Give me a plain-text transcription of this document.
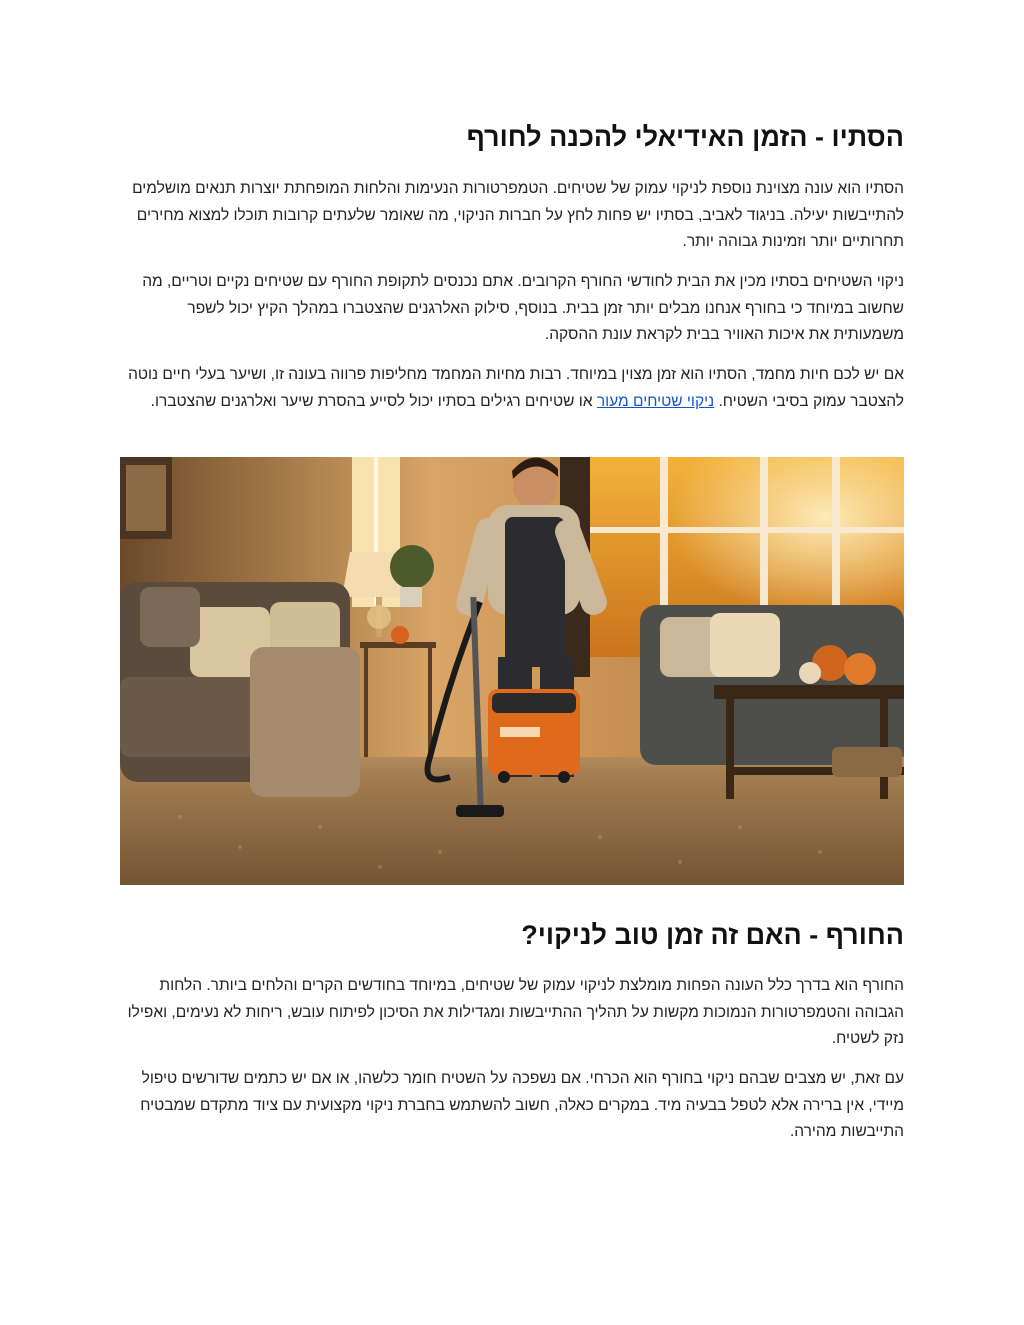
הסתיו - הזמן האידיאלי להכנה לחורף

הסתיו הוא עונה מצוינת נוספת לניקוי עמוק של שטיחים. הטמפרטורות הנעימות והלחות המופחתת יוצרות תנאים מושלמים להתייבשות יעילה. בניגוד לאביב, בסתיו יש פחות לחץ על חברות הניקוי, מה שאומר שלעתים קרובות תוכלו למצוא מחירים תחרותיים יותר וזמינות גבוהה יותר.

ניקוי השטיחים בסתיו מכין את הבית לחודשי החורף הקרובים. אתם נכנסים לתקופת החורף עם שטיחים נקיים וטריים, מה שחשוב במיוחד כי בחורף אנחנו מבלים יותר זמן בבית. בנוסף, סילוק האלרגנים שהצטברו במהלך הקיץ יכול לשפר משמעותית את איכות האוויר בבית לקראת עונת ההסקה.

אם יש לכם חיות מחמד, הסתיו הוא זמן מצוין במיוחד. רבות מחיות המחמד מחליפות פרווה בעונה זו, ושיער בעלי חיים נוטה להצטבר עמוק בסיבי השטיח. ניקוי שטיחים מעור או שטיחים רגילים בסתיו יכול לסייע בהסרת שיער ואלרגנים שהצטברו.

החורף - האם זה זמן טוב לניקוי?

החורף הוא בדרך כלל העונה הפחות מומלצת לניקוי עמוק של שטיחים, במיוחד בחודשים הקרים והלחים ביותר. הלחות הגבוהה והטמפרטורות הנמוכות מקשות על תהליך ההתייבשות ומגדילות את הסיכון לפיתוח עובש, ריחות לא נעימים, ואפילו נזק לשטיח.

עם זאת, יש מצבים שבהם ניקוי בחורף הוא הכרחי. אם נשפכה על השטיח חומר כלשהו, או אם יש כתמים שדורשים טיפול מיידי, אין ברירה אלא לטפל בבעיה מיד. במקרים כאלה, חשוב להשתמש בחברת ניקוי מקצועית עם ציוד מתקדם שמבטיח התייבשות מהירה.
